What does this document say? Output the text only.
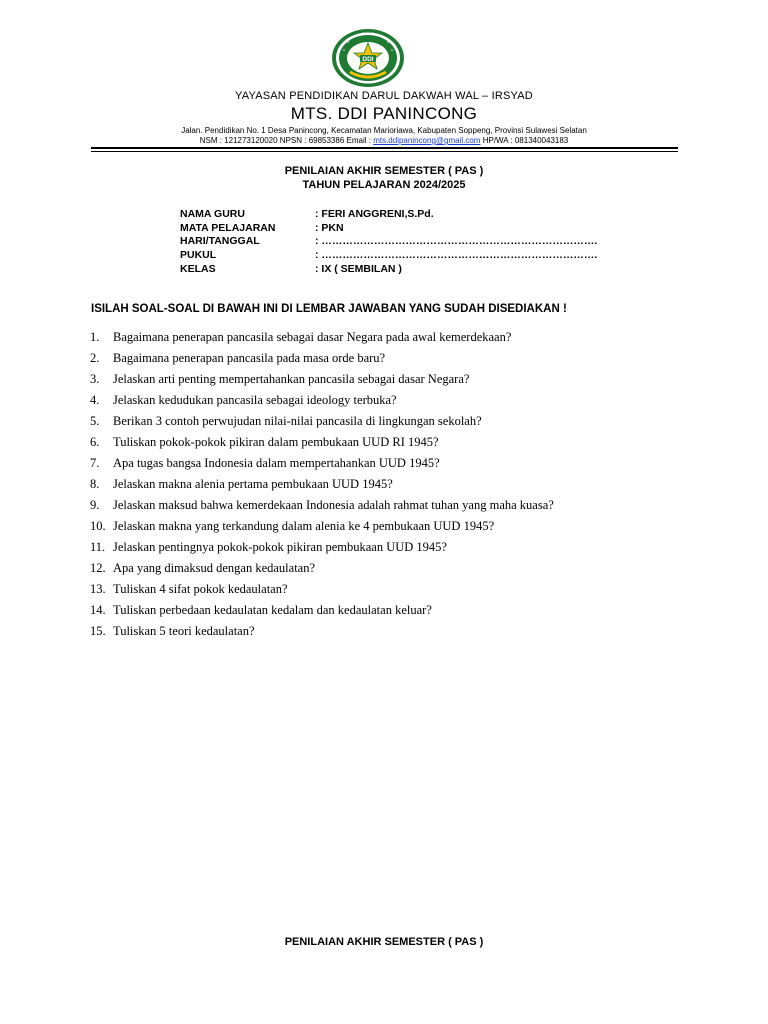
DDI
YAYASAN PENDIDIKAN DARUL DAKWAH WAL – IRSYAD
MTS. DDI PANINCONG
Jalan. Pendidikan No. 1 Desa Panincong, Kecamatan Marioriawa, Kabupaten Soppeng, Provinsi Sulawesi Selatan
NSM : 121273120020 NPSN : 69853386 Email : mts.ddipanincong@gmail.com HP/WA : 081340043183
PENILAIAN AKHIR SEMESTER ( PAS )
TAHUN PELAJARAN 2024/2025
NAMA GURU	: FERI ANGGRENI,S.Pd.
MATA PELAJARAN	: PKN
HARI/TANGGAL	: …………………………………………………………………….
PUKUL	: …………………………………………………………………….
KELAS	: IX ( SEMBILAN )
ISILAH SOAL-SOAL DI BAWAH INI DI LEMBAR JAWABAN YANG SUDAH DISEDIAKAN !
1. Bagaimana penerapan pancasila sebagai dasar Negara pada awal kemerdekaan?
2. Bagaimana penerapan pancasila pada masa orde baru?
3. Jelaskan arti penting mempertahankan pancasila sebagai dasar Negara?
4. Jelaskan kedudukan pancasila sebagai ideology terbuka?
5. Berikan 3 contoh perwujudan nilai-nilai pancasila di lingkungan sekolah?
6. Tuliskan pokok-pokok pikiran dalam pembukaan UUD RI 1945?
7. Apa tugas bangsa Indonesia dalam mempertahankan UUD 1945?
8. Jelaskan makna alenia pertama pembukaan UUD 1945?
9. Jelaskan maksud bahwa kemerdekaan Indonesia adalah rahmat tuhan yang maha kuasa?
10. Jelaskan makna yang terkandung dalam alenia ke 4 pembukaan UUD 1945?
11. Jelaskan pentingnya pokok-pokok pikiran pembukaan UUD 1945?
12. Apa yang dimaksud dengan kedaulatan?
13. Tuliskan 4 sifat pokok kedaulatan?
14. Tuliskan perbedaan kedaulatan kedalam dan kedaulatan keluar?
15. Tuliskan 5 teori kedaulatan?
PENILAIAN AKHIR SEMESTER ( PAS )
